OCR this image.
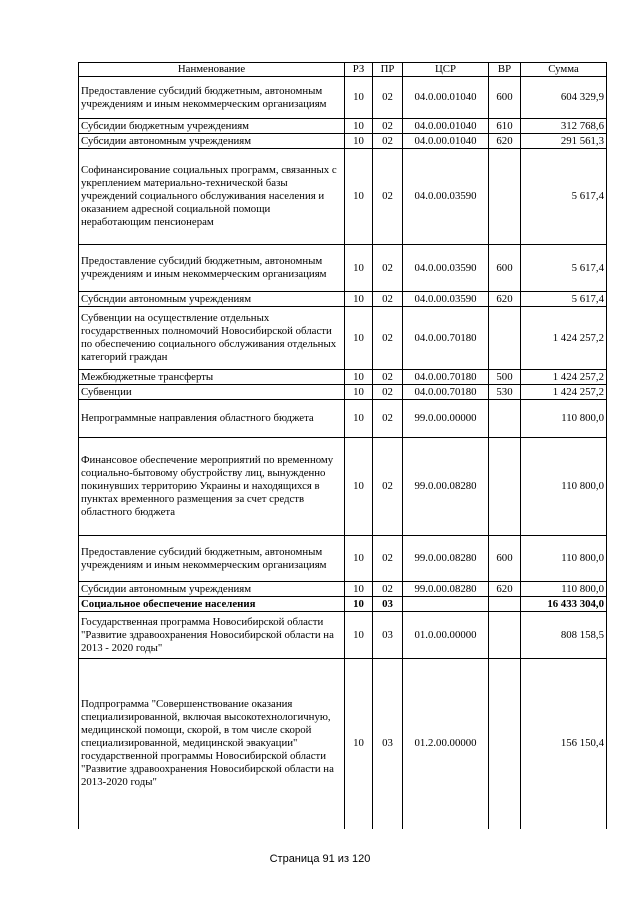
Нанменование	РЗ	ПР	ЦСР	ВР	Сумма
Предоставление субсидий бюджетным, автономным учреждениям и иным некоммерческим организациям	10	02	04.0.00.01040	600	604 329,9
Субсидии бюджетным учреждениям	10	02	04.0.00.01040	610	312 768,6
Субсидии автономным учреждениям	10	02	04.0.00.01040	620	291 561,3
Софинансирование социальных программ, связанных с укреплением материально-технической базы учреждений социального обслуживания населения и оказанием адресной социальной помощи неработающим пенсионерам	10	02	04.0.00.03590		5 617,4
Предоставление субсидий бюджетным, автономным учреждениям и иным некоммерческим организациям	10	02	04.0.00.03590	600	5 617,4
Субсндии автономным учреждениям	10	02	04.0.00.03590	620	5 617,4
Субвенции на осуществление отдельных государственных полномочий Новосибирской области по обеспечению социального обслуживания отдельных категорий граждан	10	02	04.0.00.70180		1 424 257,2
Межбюджетные трансферты	10	02	04.0.00.70180	500	1 424 257,2
Субвенции	10	02	04.0.00.70180	530	1 424 257,2
Непрограммные направления областного бюджета	10	02	99.0.00.00000		110 800,0
Финансовое обеспечение мероприятий по временному социально-бытовому обустройству лиц, вынужденно покинувших территорию Украины и находящихся в пунктах временного размещения за счет средств областного бюджета	10	02	99.0.00.08280		110 800,0
Предоставление субсидий бюджетным, автономным учреждениям и иным некоммерческим организациям	10	02	99.0.00.08280	600	110 800,0
Субсидии автономным учреждениям	10	02	99.0.00.08280	620	110 800,0
Социальное обеспечение населения	10	03			16 433 304,0
Государственная программа Новосибирской области "Развитие здравоохранения Новосибирской области на 2013 - 2020 годы"	10	03	01.0.00.00000		808 158,5
Подпрограмма "Совершенствование оказания специализированной, включая высокотехнологичную, медицинской помощи, скорой, в том числе скорой специализированной, медицинской эвакуации" государственной программы Новосибирской области "Развитие здравоохранения Новосибирской области на 2013-2020 годы"	10	03	01.2.00.00000		156 150,4
Страница 91 из 120
